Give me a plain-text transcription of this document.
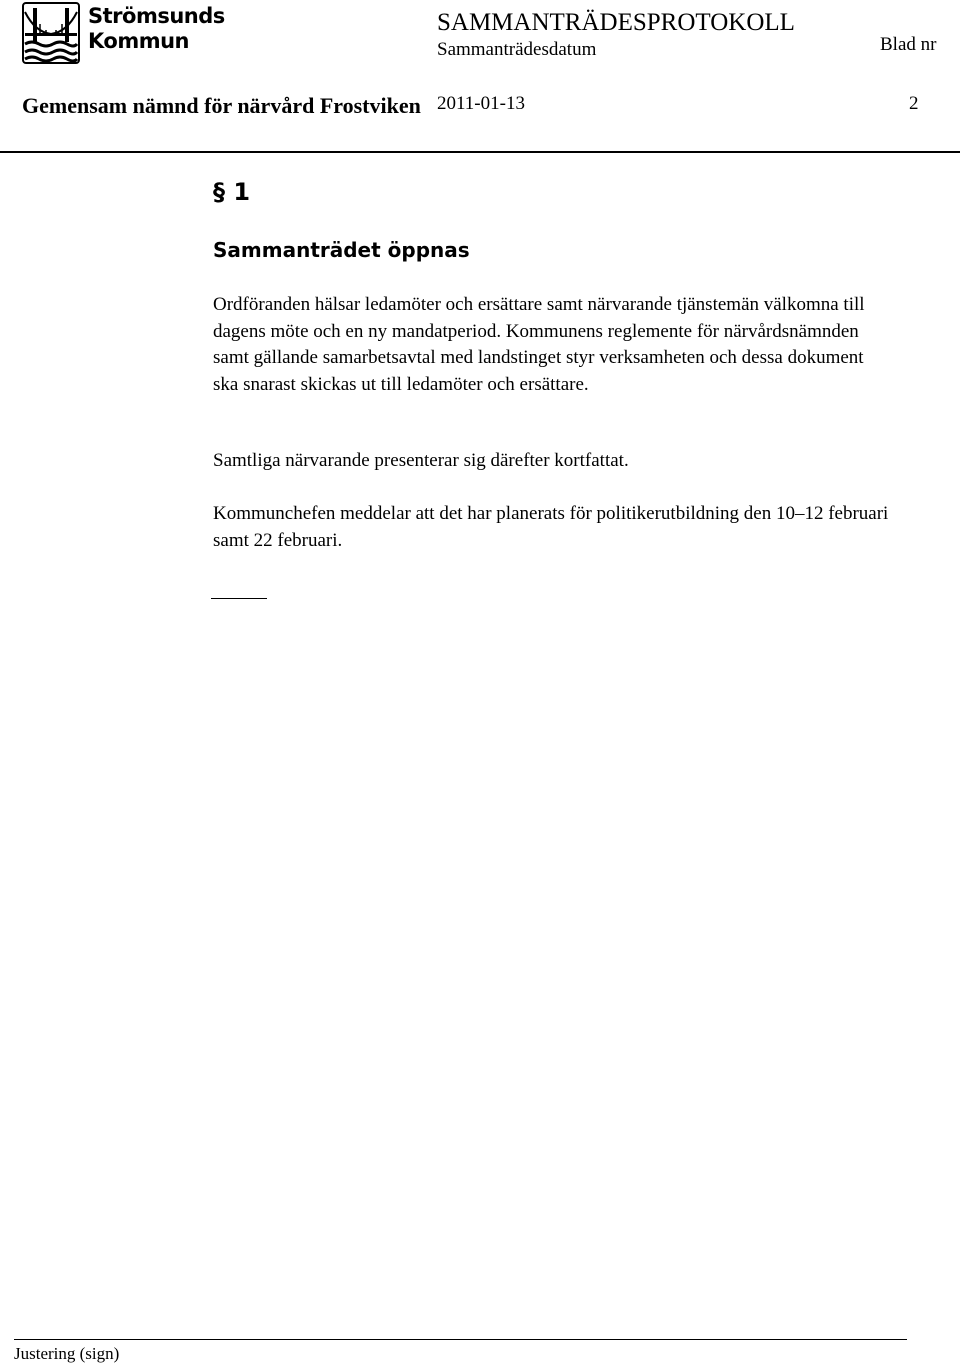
Strömsunds
Kommun
SAMMANTRÄDESPROTOKOLL
Sammanträdesdatum	Blad nr
Gemensam nämnd för närvård Frostviken 2011-01-13	2
§ 1
Sammanträdet öppnas

Ordföranden hälsar ledamöter och ersättare samt närvarande tjänstemän välkomna till dagens möte och en ny mandatperiod. Kommunens reglemente för närvårdsnämnden samt gällande samarbetsavtal med landstinget styr verksamheten och dessa dokument ska snarast skickas ut till ledamöter och ersättare.

Samtliga närvarande presenterar sig därefter kortfattat.

Kommunchefen meddelar att det har planerats för politikerutbildning den 10–12 februari samt 22 februari.

Justering (sign)
